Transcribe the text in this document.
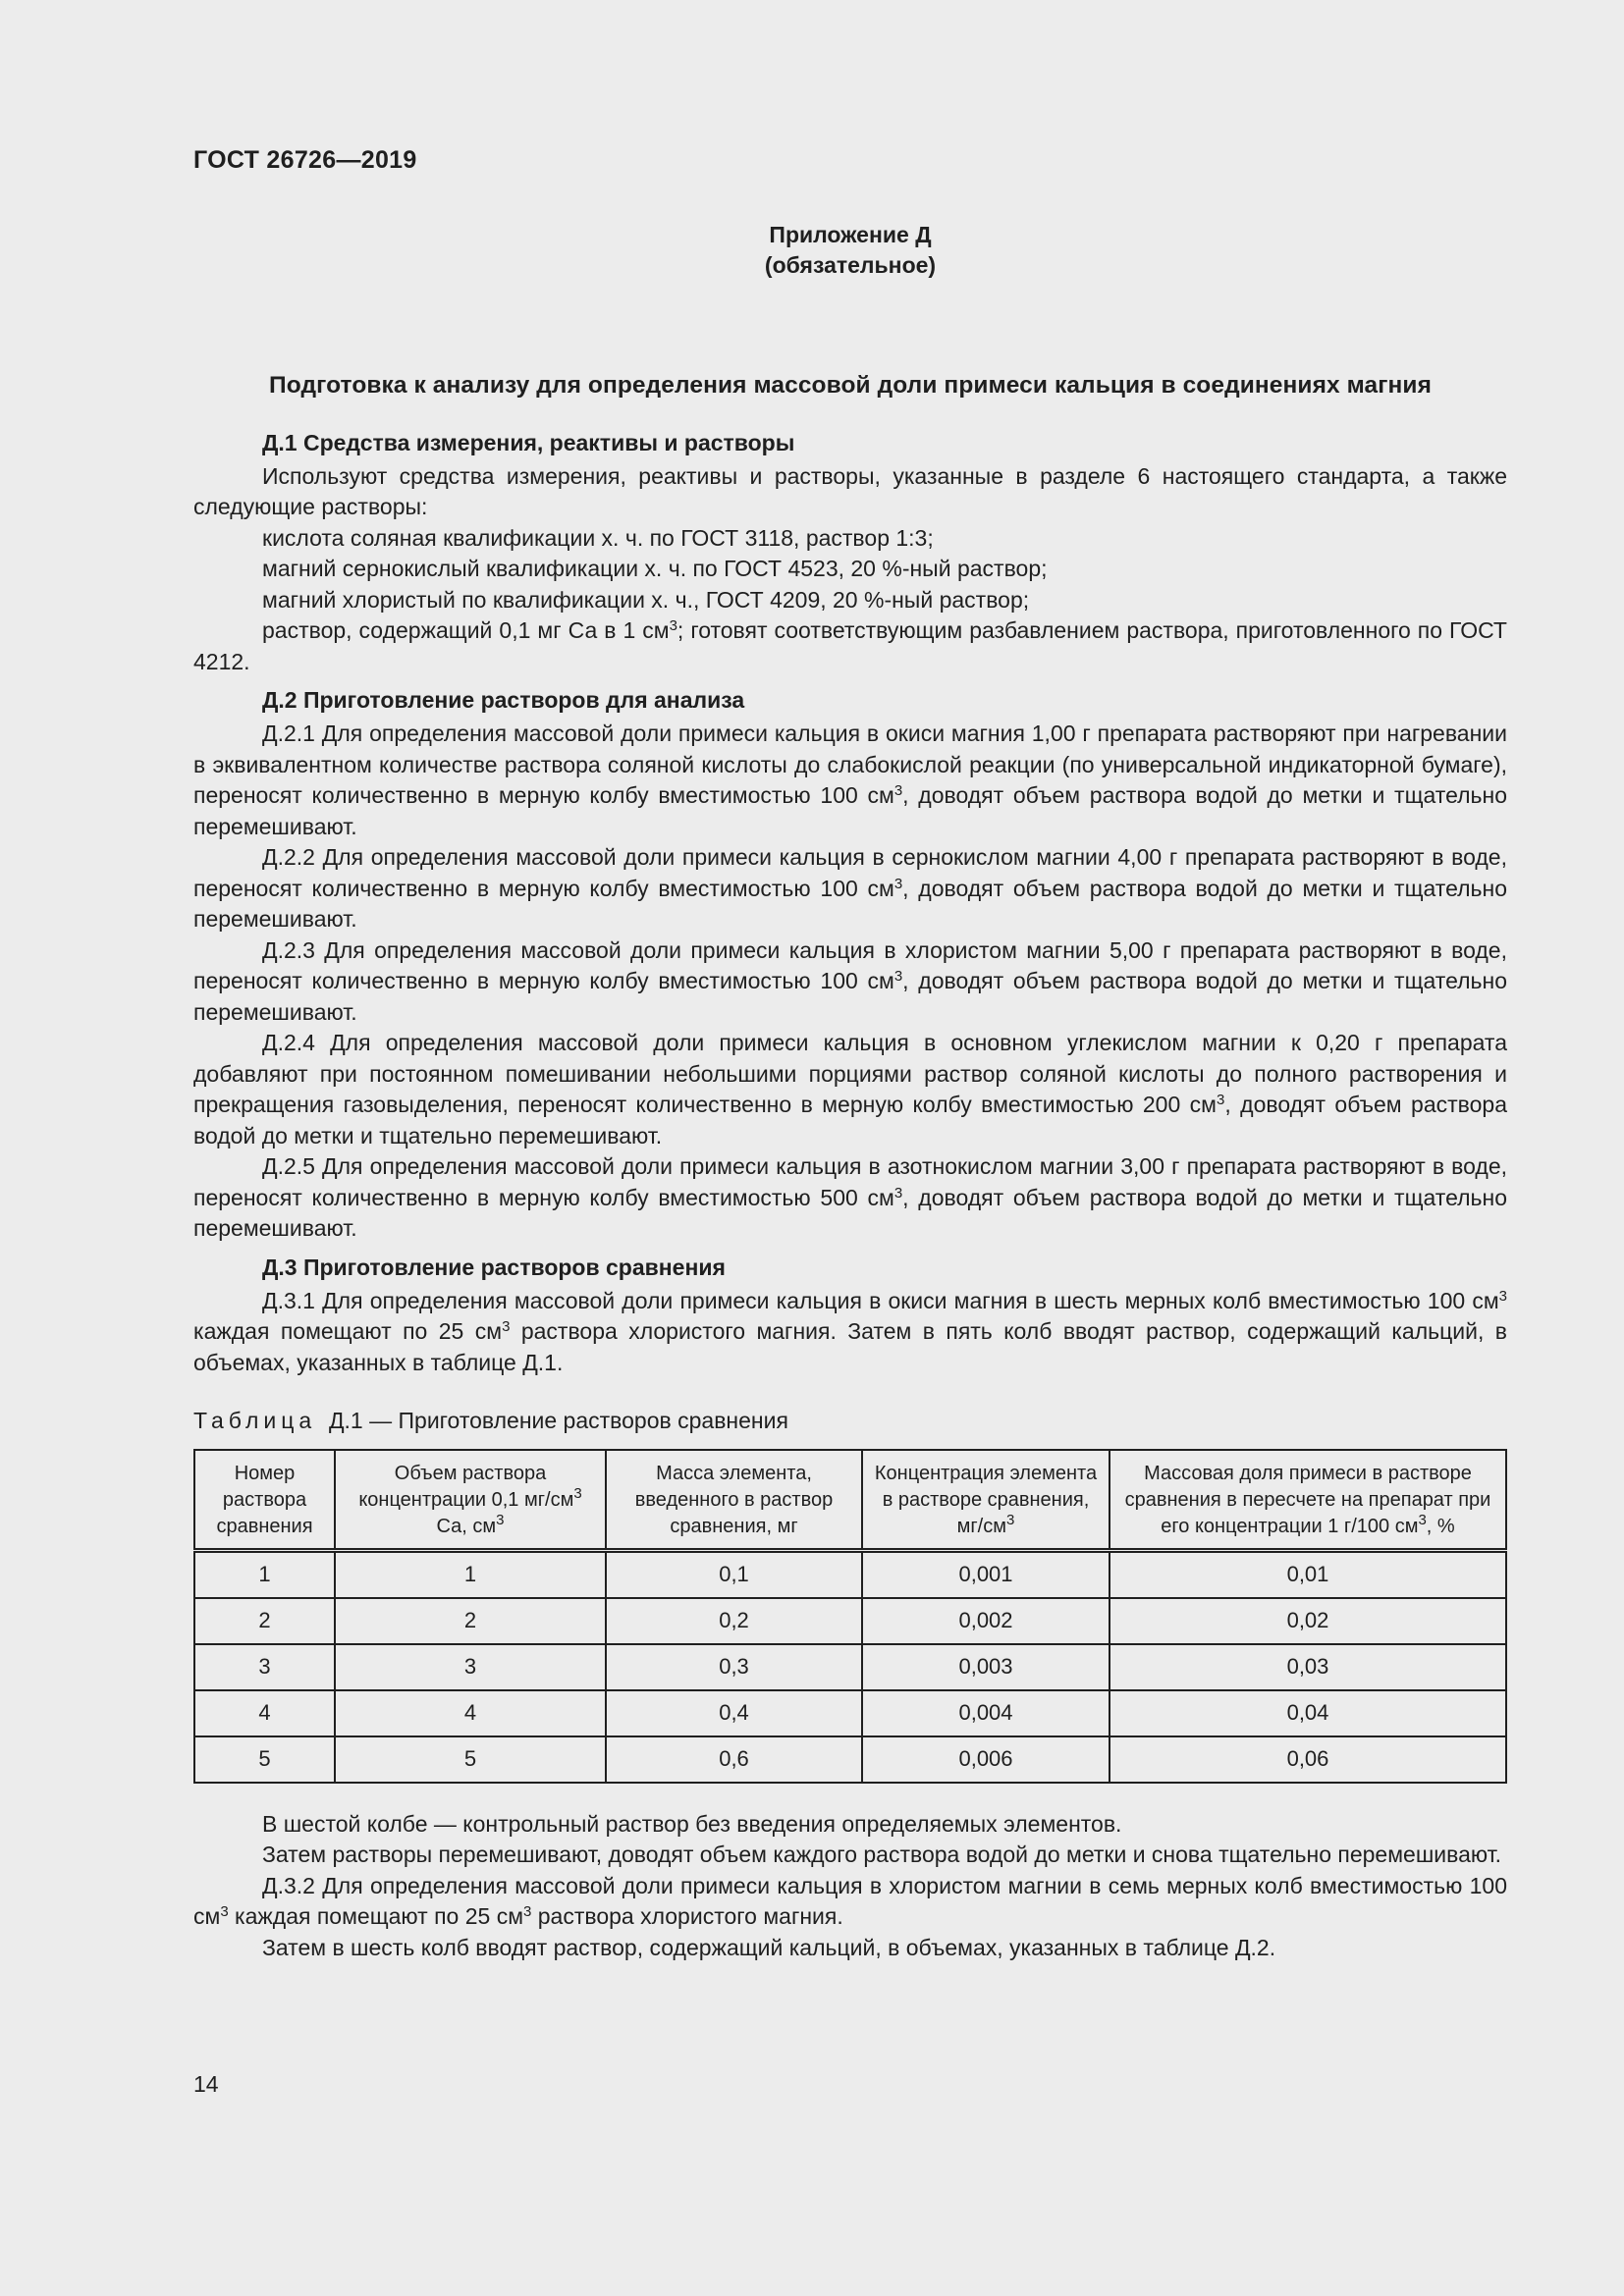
ГОСТ 26726—2019
Приложение Д
(обязательное)
Подготовка к анализу для определения массовой доли примеси кальция в соединениях магния
Д.1 Средства измерения, реактивы и растворы

Используют средства измерения, реактивы и растворы, указанные в разделе 6 настоящего стандарта, а также следующие растворы:

кислота соляная квалификации х. ч. по ГОСТ 3118, раствор 1:3;

магний сернокислый квалификации х. ч. по ГОСТ 4523, 20 %-ный раствор;

магний хлористый по квалификации х. ч., ГОСТ 4209, 20 %-ный раствор;

раствор, содержащий 0,1 мг Са в 1 $см^3$; готовят соответствующим разбавлением раствора, приготовленного по ГОСТ 4212.

Д.2 Приготовление растворов для анализа

Д.2.1 Для определения массовой доли примеси кальция в окиси магния 1,00 г препарата растворяют при нагревании в эквивалентном количестве раствора соляной кислоты до слабокислой реакции (по универсальной индикаторной бумаге), переносят количественно в мерную колбу вместимостью 100 $см^3$, доводят объем раствора водой до метки и тщательно перемешивают.

Д.2.2 Для определения массовой доли примеси кальция в сернокислом магнии 4,00 г препарата растворяют в воде, переносят количественно в мерную колбу вместимостью 100 $см^3$, доводят объем раствора водой до метки и тщательно перемешивают.

Д.2.3 Для определения массовой доли примеси кальция в хлористом магнии 5,00 г препарата растворяют в воде, переносят количественно в мерную колбу вместимостью 100 $см^3$, доводят объем раствора водой до метки и тщательно перемешивают.

Д.2.4 Для определения массовой доли примеси кальция в основном углекислом магнии к 0,20 г препарата добавляют при постоянном помешивании небольшими порциями раствор соляной кислоты до полного растворения и прекращения газовыделения, переносят количественно в мерную колбу вместимостью 200 $см^3$, доводят объем раствора водой до метки и тщательно перемешивают.

Д.2.5 Для определения массовой доли примеси кальция в азотнокислом магнии 3,00 г препарата растворяют в воде, переносят количественно в мерную колбу вместимостью 500 $см^3$, доводят объем раствора водой до метки и тщательно перемешивают.

Д.3 Приготовление растворов сравнения

Д.3.1 Для определения массовой доли примеси кальция в окиси магния в шесть мерных колб вместимостью 100 $см^3$ каждая помещают по 25 $см^3$ раствора хлористого магния. Затем в пять колб вводят раствор, содержащий кальций, в объемах, указанных в таблице Д.1.

Таблица Д.1 — Приготовление растворов сравнения

Номер раствора сравнения	Объем раствора концентрации 0,1 $мг/см^3$ Са, $см^3$	Масса элемента, введенного в раствор сравнения, мг	Концентрация элемента в растворе сравнения, $мг/см^3$	Массовая доля примеси в растворе сравнения в пересчете на препарат при его концентрации 1 г/100 $см^3$, %
1	1	0,1	0,001	0,01
2	2	0,2	0,002	0,02
3	3	0,3	0,003	0,03
4	4	0,4	0,004	0,04
5	5	0,6	0,006	0,06

В шестой колбе — контрольный раствор без введения определяемых элементов.

Затем растворы перемешивают, доводят объем каждого раствора водой до метки и снова тщательно перемешивают.

Д.3.2 Для определения массовой доли примеси кальция в хлористом магнии в семь мерных колб вместимостью 100 $см^3$ каждая помещают по 25 $см^3$ раствора хлористого магния.

Затем в шесть колб вводят раствор, содержащий кальций, в объемах, указанных в таблице Д.2.

14
